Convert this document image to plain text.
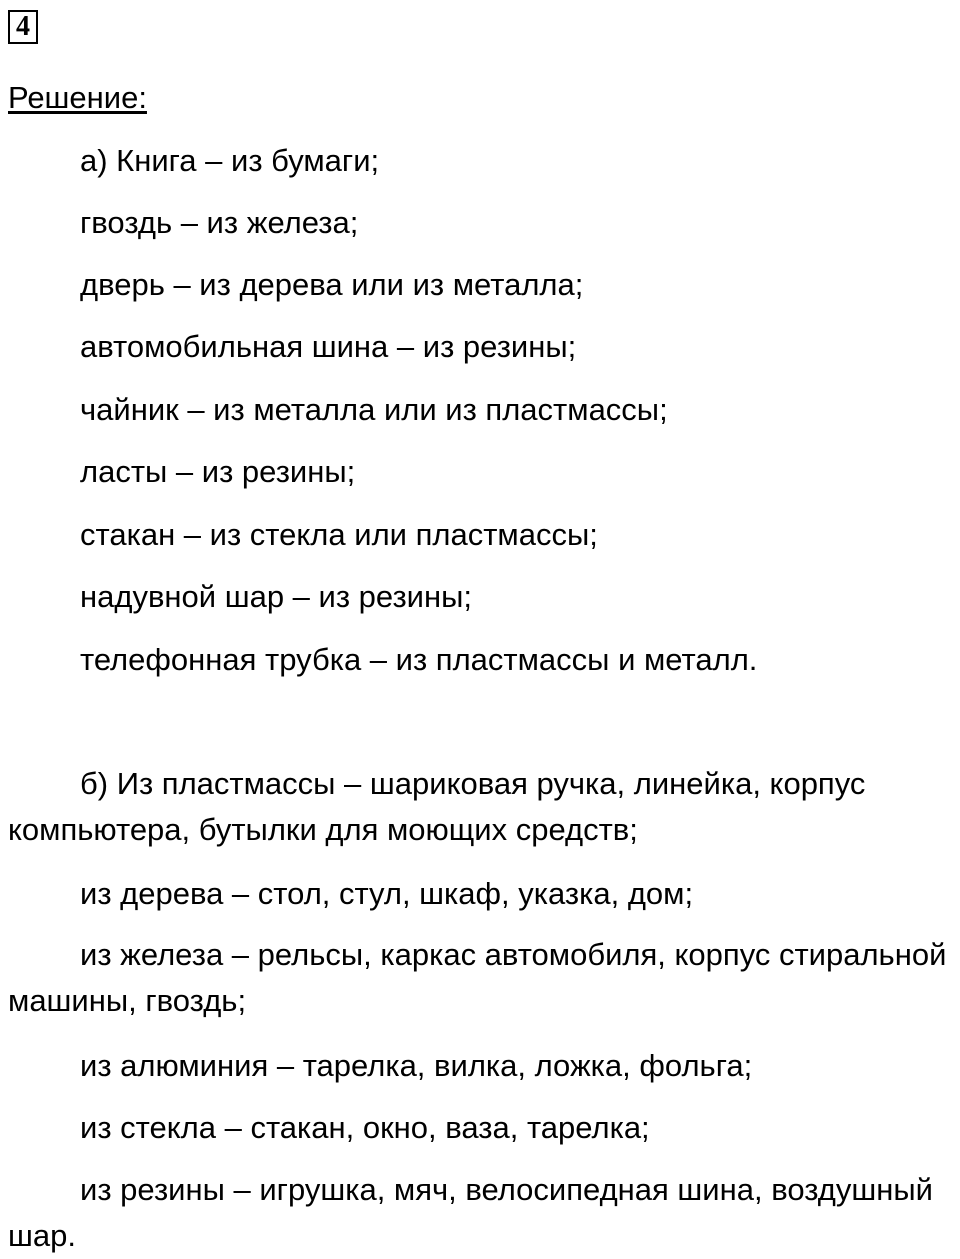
4
Решение:
а) Книга – из бумаги;
гвоздь – из железа;
дверь – из дерева или из металла;
автомобильная шина – из резины;
чайник – из металла или из пластмассы;
ласты – из резины;
стакан – из стекла или пластмассы;
надувной шар – из резины;
телефонная трубка – из пластмассы и металл.

б) Из пластмассы – шариковая ручка, линейка, корпус компьютера, бутылки для моющих средств;

из дерева – стол, стул, шкаф, указка, дом;

из железа – рельсы, каркас автомобиля, корпус стиральной машины, гвоздь;

из алюминия – тарелка, вилка, ложка, фольга;

из стекла – стакан, окно, ваза, тарелка;

из резины – игрушка, мяч, велосипедная шина, воздушный шар.
